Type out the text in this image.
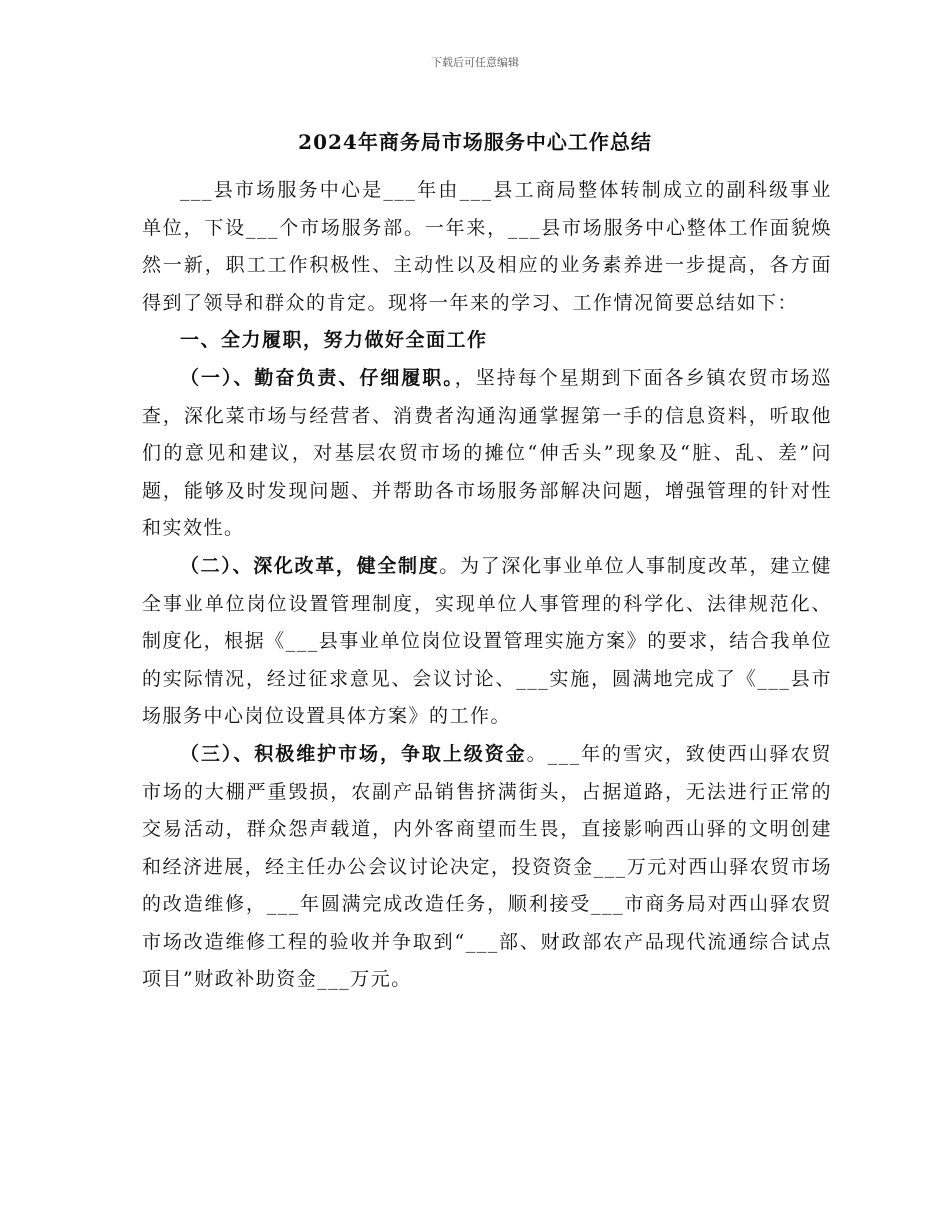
下载后可任意编辑
2024年商务局市场服务中心工作总结

___县市场服务中心是___年由___县工商局整体转制成立的副科级事业单位，下设___个市场服务部。一年来，___县市场服务中心整体工作面貌焕然一新，职工工作积极性、主动性以及相应的业务素养进一步提高，各方面得到了领导和群众的肯定。现将一年来的学习、工作情况简要总结如下：

一、全力履职，努力做好全面工作

（一）、勤奋负责、仔细履职。，坚持每个星期到下面各乡镇农贸市场巡查，深化菜市场与经营者、消费者沟通沟通掌握第一手的信息资料，听取他们的意见和建议，对基层农贸市场的摊位“伸舌头”现象及“脏、乱、差”问题，能够及时发现问题、并帮助各市场服务部解决问题，增强管理的针对性和实效性。

（二）、深化改革，健全制度。为了深化事业单位人事制度改革，建立健全事业单位岗位设置管理制度，实现单位人事管理的科学化、法律规范化、制度化，根据《___县事业单位岗位设置管理实施方案》的要求，结合我单位的实际情况，经过征求意见、会议讨论、___实施，圆满地完成了《___县市场服务中心岗位设置具体方案》的工作。

（三）、积极维护市场，争取上级资金。___年的雪灾，致使西山驿农贸市场的大棚严重毁损，农副产品销售挤满街头，占据道路，无法进行正常的交易活动，群众怨声载道，内外客商望而生畏，直接影响西山驿的文明创建和经济进展，经主任办公会议讨论决定，投资资金___万元对西山驿农贸市场的改造维修，___年圆满完成改造任务，顺利接受___市商务局对西山驿农贸市场改造维修工程的验收并争取到“___部、财政部农产品现代流通综合试点项目”财政补助资金___万元。
